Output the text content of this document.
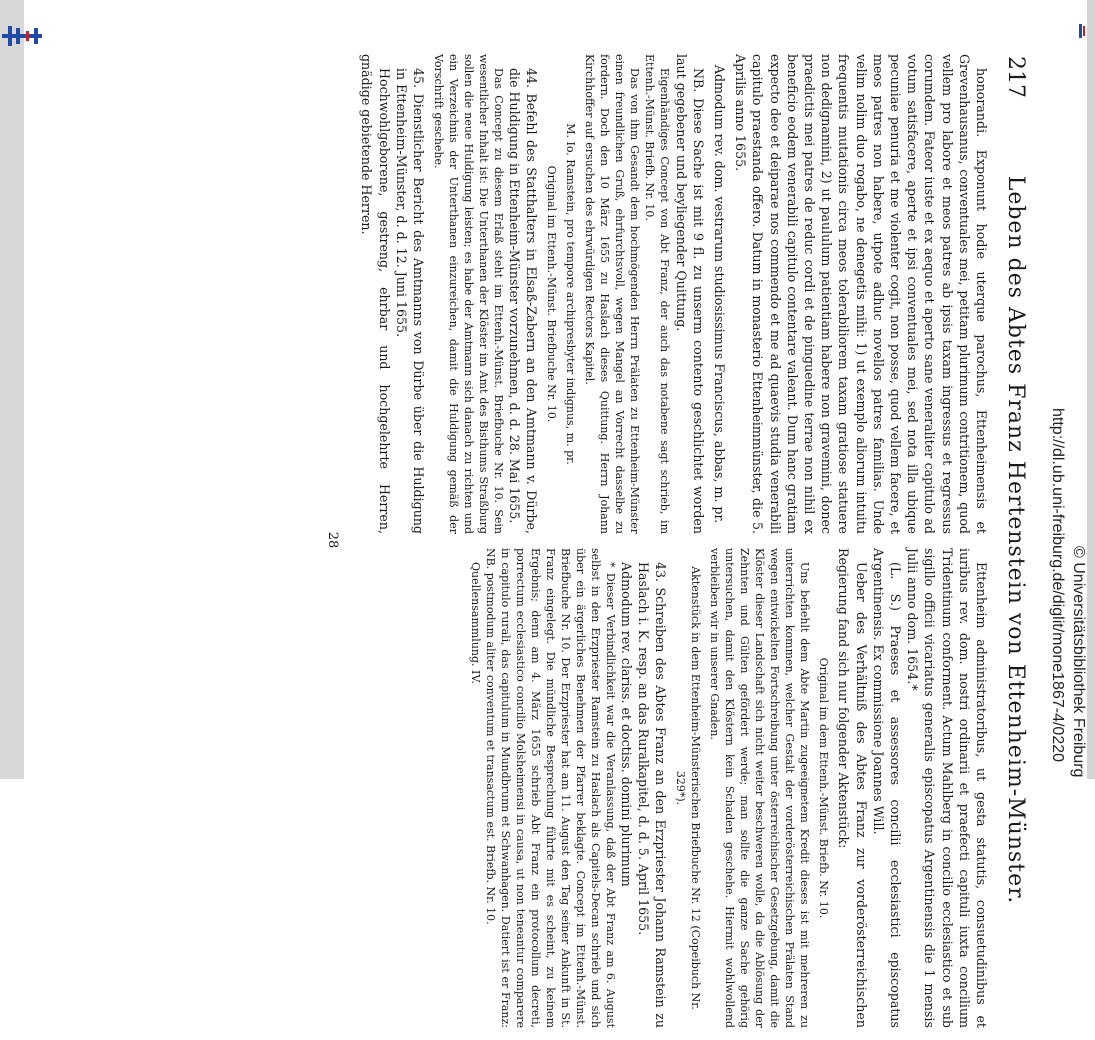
http://dl.ub.uni-freiburg.de/diglit/mone1867-4/0220 © Universitätsbibliothek Freiburg
217
Leben des Abtes Franz Hertenstein von Ettenheim-Münster.

honorandi. Exponunt hodie uterque parochus, Ettenheimensis et Grevenhausanus, conventuales mei, petitam plurimum contritionem, quod vellem pro labore et meos patres ab ipsis taxam ingressus et regressus corumdem. Fateor iuste et ex aequo et aperto sane veneraliter capitulo ad votum satisfacere, aperte et ipsi conventuales mei, sed nota illa ubique pecuniae penuria et me violenter cogit, non posse, quod vellem facere, et meos patres non habere, utpote adhuc novellos patres familias. Unde velim nolim duo rogabo, ne denegetis mihi: 1) ut exemplo aliorum intuitu frequentis mutationis circa meos tolerabiliorem taxam gratiose statuere non dedignamini, 2) ut paululum patientiam habere non gravemini, donec praedictis mei patres de reduc cordi et de pinguedine terrae non nihil ex beneficio eodem venerabili capitulo contentare valeant. Dum hanc gratiam expecto deo et deiparae nos commendo et me ad quaevis studia venerabili capitulo praestanda offero. Datum in monasterio Ettenheimmünster, die 5. Aprilis anno 1655.

Admodum rev. dom. vestrarum studiosissimus Franciscus, abbas, m. pr.

NB. Diese Sache ist mit 9 fl. zu unserm contento geschlichtet worden laut gegebener und beyliegender Quittung.

Eigenhändiges Concept von Abt Franz, der auch das notabene sagt schrieb, im Ettenh.-Münst. Briefb. Nr. 10.

Das von ihm Gesandt dem hochmögenden Herrn Prälaten zu Ettenheim-Münster einen freundlichen Gruß, ehrfurchtsvoll, wegen Mangel an Vorrecht dasselbe zu fordern. Doch den 10 März 1655 zu Haslach dieses Quittung. Herrn Johann Kirchhoffer auf ersuchen des ehrwürdigen Rectors Kapitel.

M. Io. Ramstein, pro tempore archipresbyter indignus, m. pr.

Original im Ettenh.-Münst. Briefbuche Nr. 10.

44. Befehl des Statthalters in Elsaß-Zabern an den Amtmann v. Dürbe, die Huldigung in Ettenheim-Münster vorzunehmen, d. d. 28. Mai 1655.

Das Concept zu diesem Erlaß steht im Ettenh.-Münst. Briefbuche Nr. 10. Sein wesentlicher Inhalt ist: Die Unterthanen der Klöster im Amt des Bisthums Straßburg sollen die neue Huldigung leisten; es habe der Amtmann sich danach zu richten und ein Verzeichnis der Unterthanen einzureichen, damit die Huldigung gemäß der Vorschrift geschehe.

45. Dienstlicher Bericht des Amtmanns von Dürbe über die Huldigung in Ettenheim-Münster, d. d. 12. Juni 1655.

Hochwohlgeborene, gestreng, ehrbar und hochgelehrte Herren, gnädige gebietende Herren.

Ettenheim administratoribus, ut gesta statutis, consuetudinibus et iuribus rev. dom. nostri ordinarii et praefecti capituli iuxta concilium Tridentinum conforment. Actum Mahlberg in concilio ecclesiastico et sub sigillo officii vicariatus generalis episcopatus Argentinensis die 1 mensis Julii anno dom. 1654.*

(L. S.) Praeses et assessores concilii ecclesiastici episcopatus Argentinensis. Ex commissione Joannes Will.

Ueber des Verhältniß des Abtes Franz zur vorderösterreichischen Regierung fand sich nur folgender Aktenstück:

Original im dem Ettenh.-Münst. Briefb. Nr. 10.

Uns befiehlt dem Abte Martin zugeeignetem Kredit dieses ist mit mehreren zu unterrichten kommen, welcher Gestalt der vorderösterreichischen Prälaten Stand wegen entwickelten Fortschreibung unter österreichischer Gesetzgebung, damit die Klöster dieser Landschaft sich nicht weiter beschweren wolle, da die Ablösung der Zehnten und Gülten gefördert werde; man sollte die ganze Sache gehörig untersuchen, damit den Klöstern kein Schaden geschehe. Hiermit wohlwollend verbleiben wir in unserer Gnaden.

Aktenstück in dem Ettenheim-Münsterischen Briefbuche Nr. 12 (Copeibuch Nr. 329*).

43. Schreiben des Abtes Franz an den Erzpriester Johann Ramstein zu Haslach i. K. resp. an das Ruralkapitel, d. d. 5. April 1655.

Admodum rev. clariss. et doctiss. domini plurimum

* Dieser Verbindlichkeit war die Veranlassung, daß der Abt Franz am 6. August selbst in den Erzpriester Ramstein zu Haslach als Capitels-Decan schrieb und sich über ein ärgerliches Benehmen der Pfarrer beklagte. Concept im Ettenh.-Münst. Briefbuche Nr. 10. Der Erzpriester hat am 11. August den Tag seiner Ankunft in St. Franz eingelegt. Die mündliche Besprechung führte mit es scheint, zu keinem Ergebnis; denn am 4. März 1655 schrieb Abt Franz ein protocollum decreti, porrectum ecclesiastico concilio Molsheimensi in causa, ut non teneantur comparere in capitulo rurali, das capitulum in Mundbrunn et Schwanhagen. Datiert ist er Franz: NB. postmodum aliter conventum et transactum est. Briefb. Nr. 10.

Quellensammlung. IV.

28
